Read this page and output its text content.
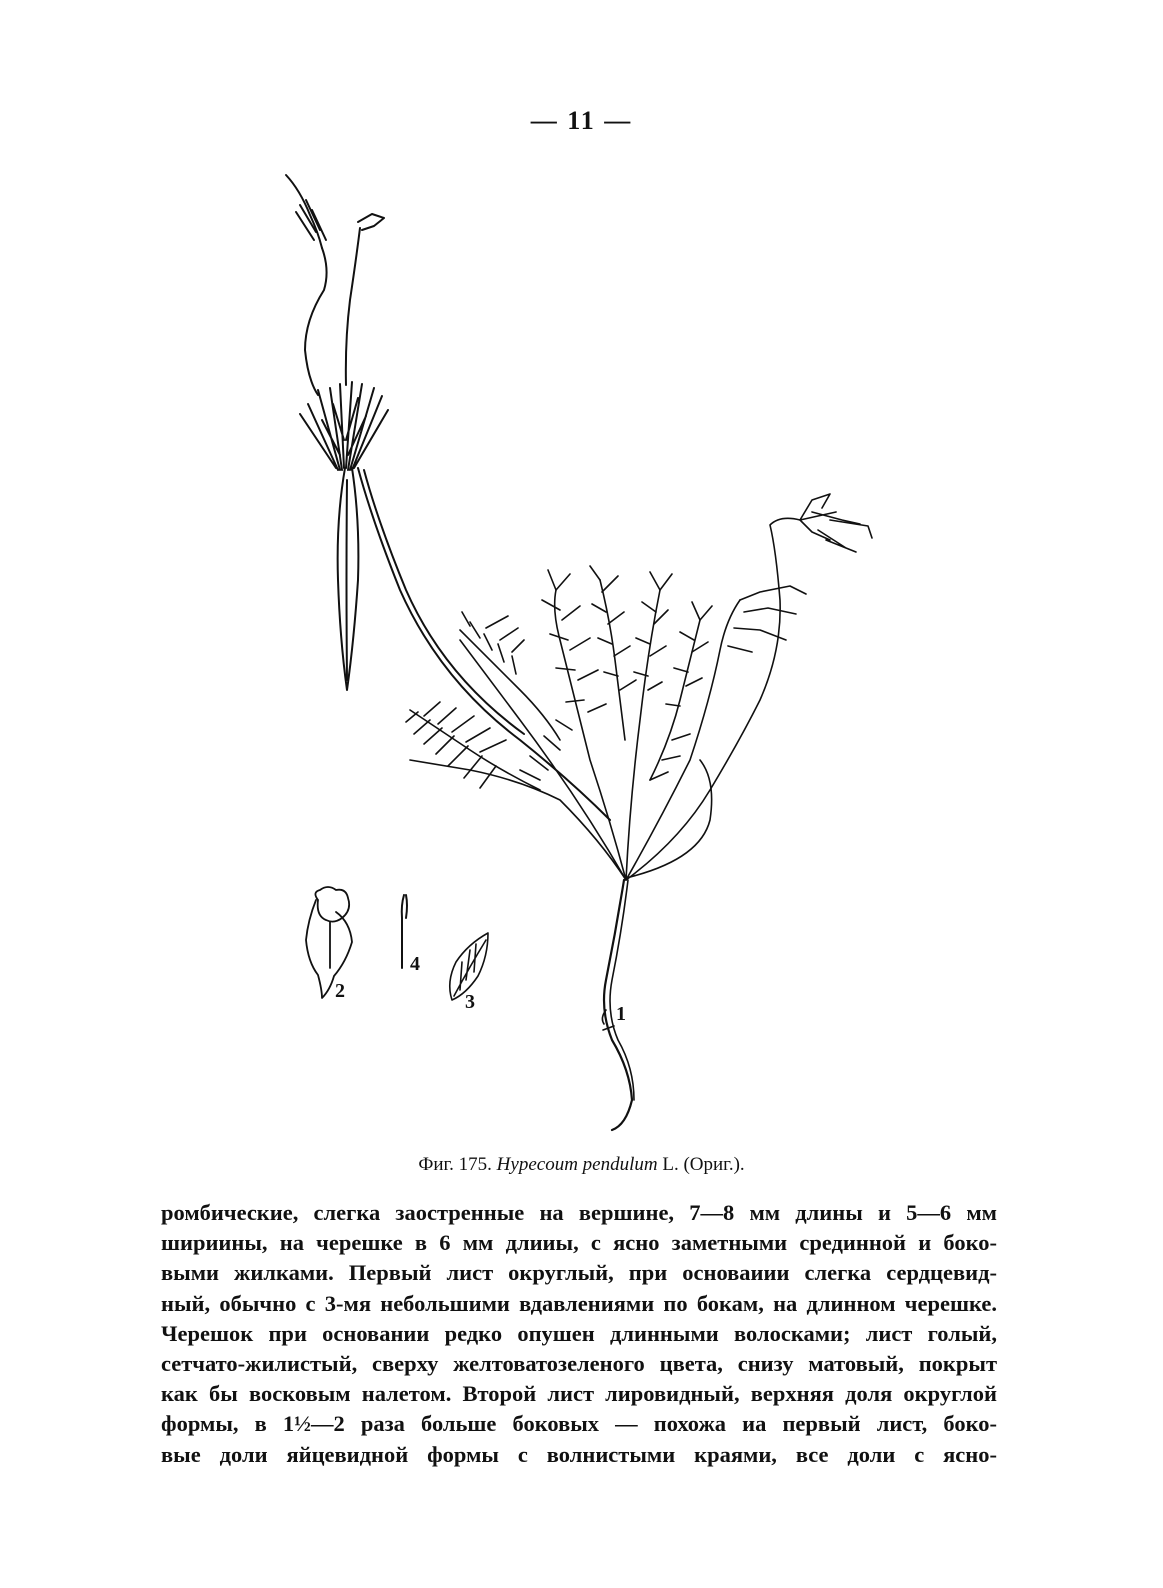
— 11 —
1
2	3
4
Фиг. 175. Hypecoum pendulum L. (Ориг.).
ромбические, слегка заостренные на вершине, 7—8 мм длины и 5—6 мм
шириины, на черешке в 6 мм длииы, с ясно заметными срединной и боко-
выми жилками. Первый лист округлый, при основаиии слегка сердцевид-
ный, обычно с 3-мя небольшими вдавлениями по бокам, на длинном черешке.
Черешок при основании редко опушен длинными волосками; лист голый,
сетчато-жилистый, сверху желтоватозеленого цвета, снизу матовый, покрыт
как бы восковым налетом. Второй лист лировидный, верхняя доля округлой
формы, в 1½—2 раза больше боковых — похожа иа первый лист, боко-
вые доли яйцевидной формы с волнистыми краями, все доли с ясно-
